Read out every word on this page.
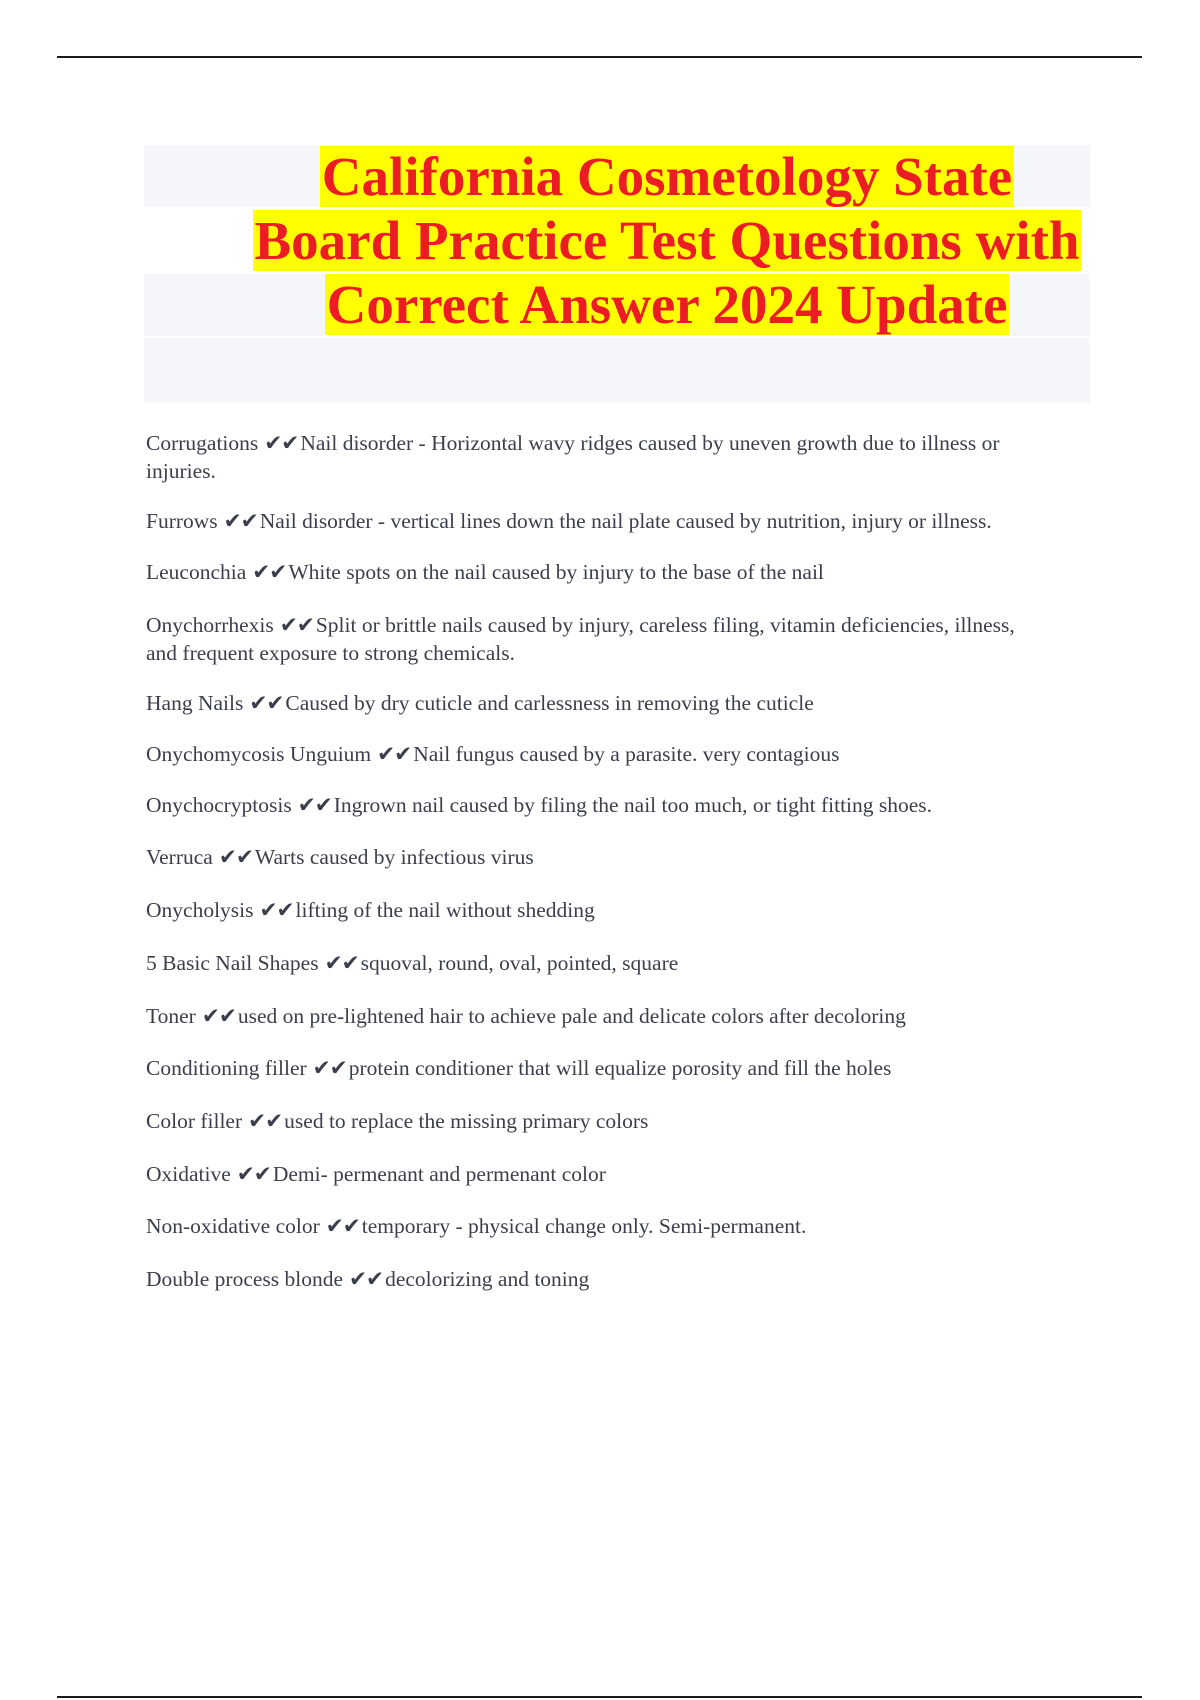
California Cosmetology State Board Practice Test Questions with Correct Answer 2024 Update
Corrugations ✔✔Nail disorder - Horizontal wavy ridges caused by uneven growth due to illness or injuries.
Furrows ✔✔Nail disorder - vertical lines down the nail plate caused by nutrition, injury or illness.
Leuconchia ✔✔White spots on the nail caused by injury to the base of the nail
Onychorrhexis ✔✔Split or brittle nails caused by injury, careless filing, vitamin deficiencies, illness, and frequent exposure to strong chemicals.
Hang Nails ✔✔Caused by dry cuticle and carlessness in removing the cuticle
Onychomycosis Unguium ✔✔Nail fungus caused by a parasite. very contagious
Onychocryptosis ✔✔Ingrown nail caused by filing the nail too much, or tight fitting shoes.
Verruca ✔✔Warts caused by infectious virus
Onycholysis ✔✔lifting of the nail without shedding
5 Basic Nail Shapes ✔✔squoval, round, oval, pointed, square
Toner ✔✔used on pre-lightened hair to achieve pale and delicate colors after decoloring
Conditioning filler ✔✔protein conditioner that will equalize porosity and fill the holes
Color filler ✔✔used to replace the missing primary colors
Oxidative ✔✔Demi- permenant and permenant color
Non-oxidative color ✔✔temporary - physical change only. Semi-permanent.
Double process blonde ✔✔decolorizing and toning
